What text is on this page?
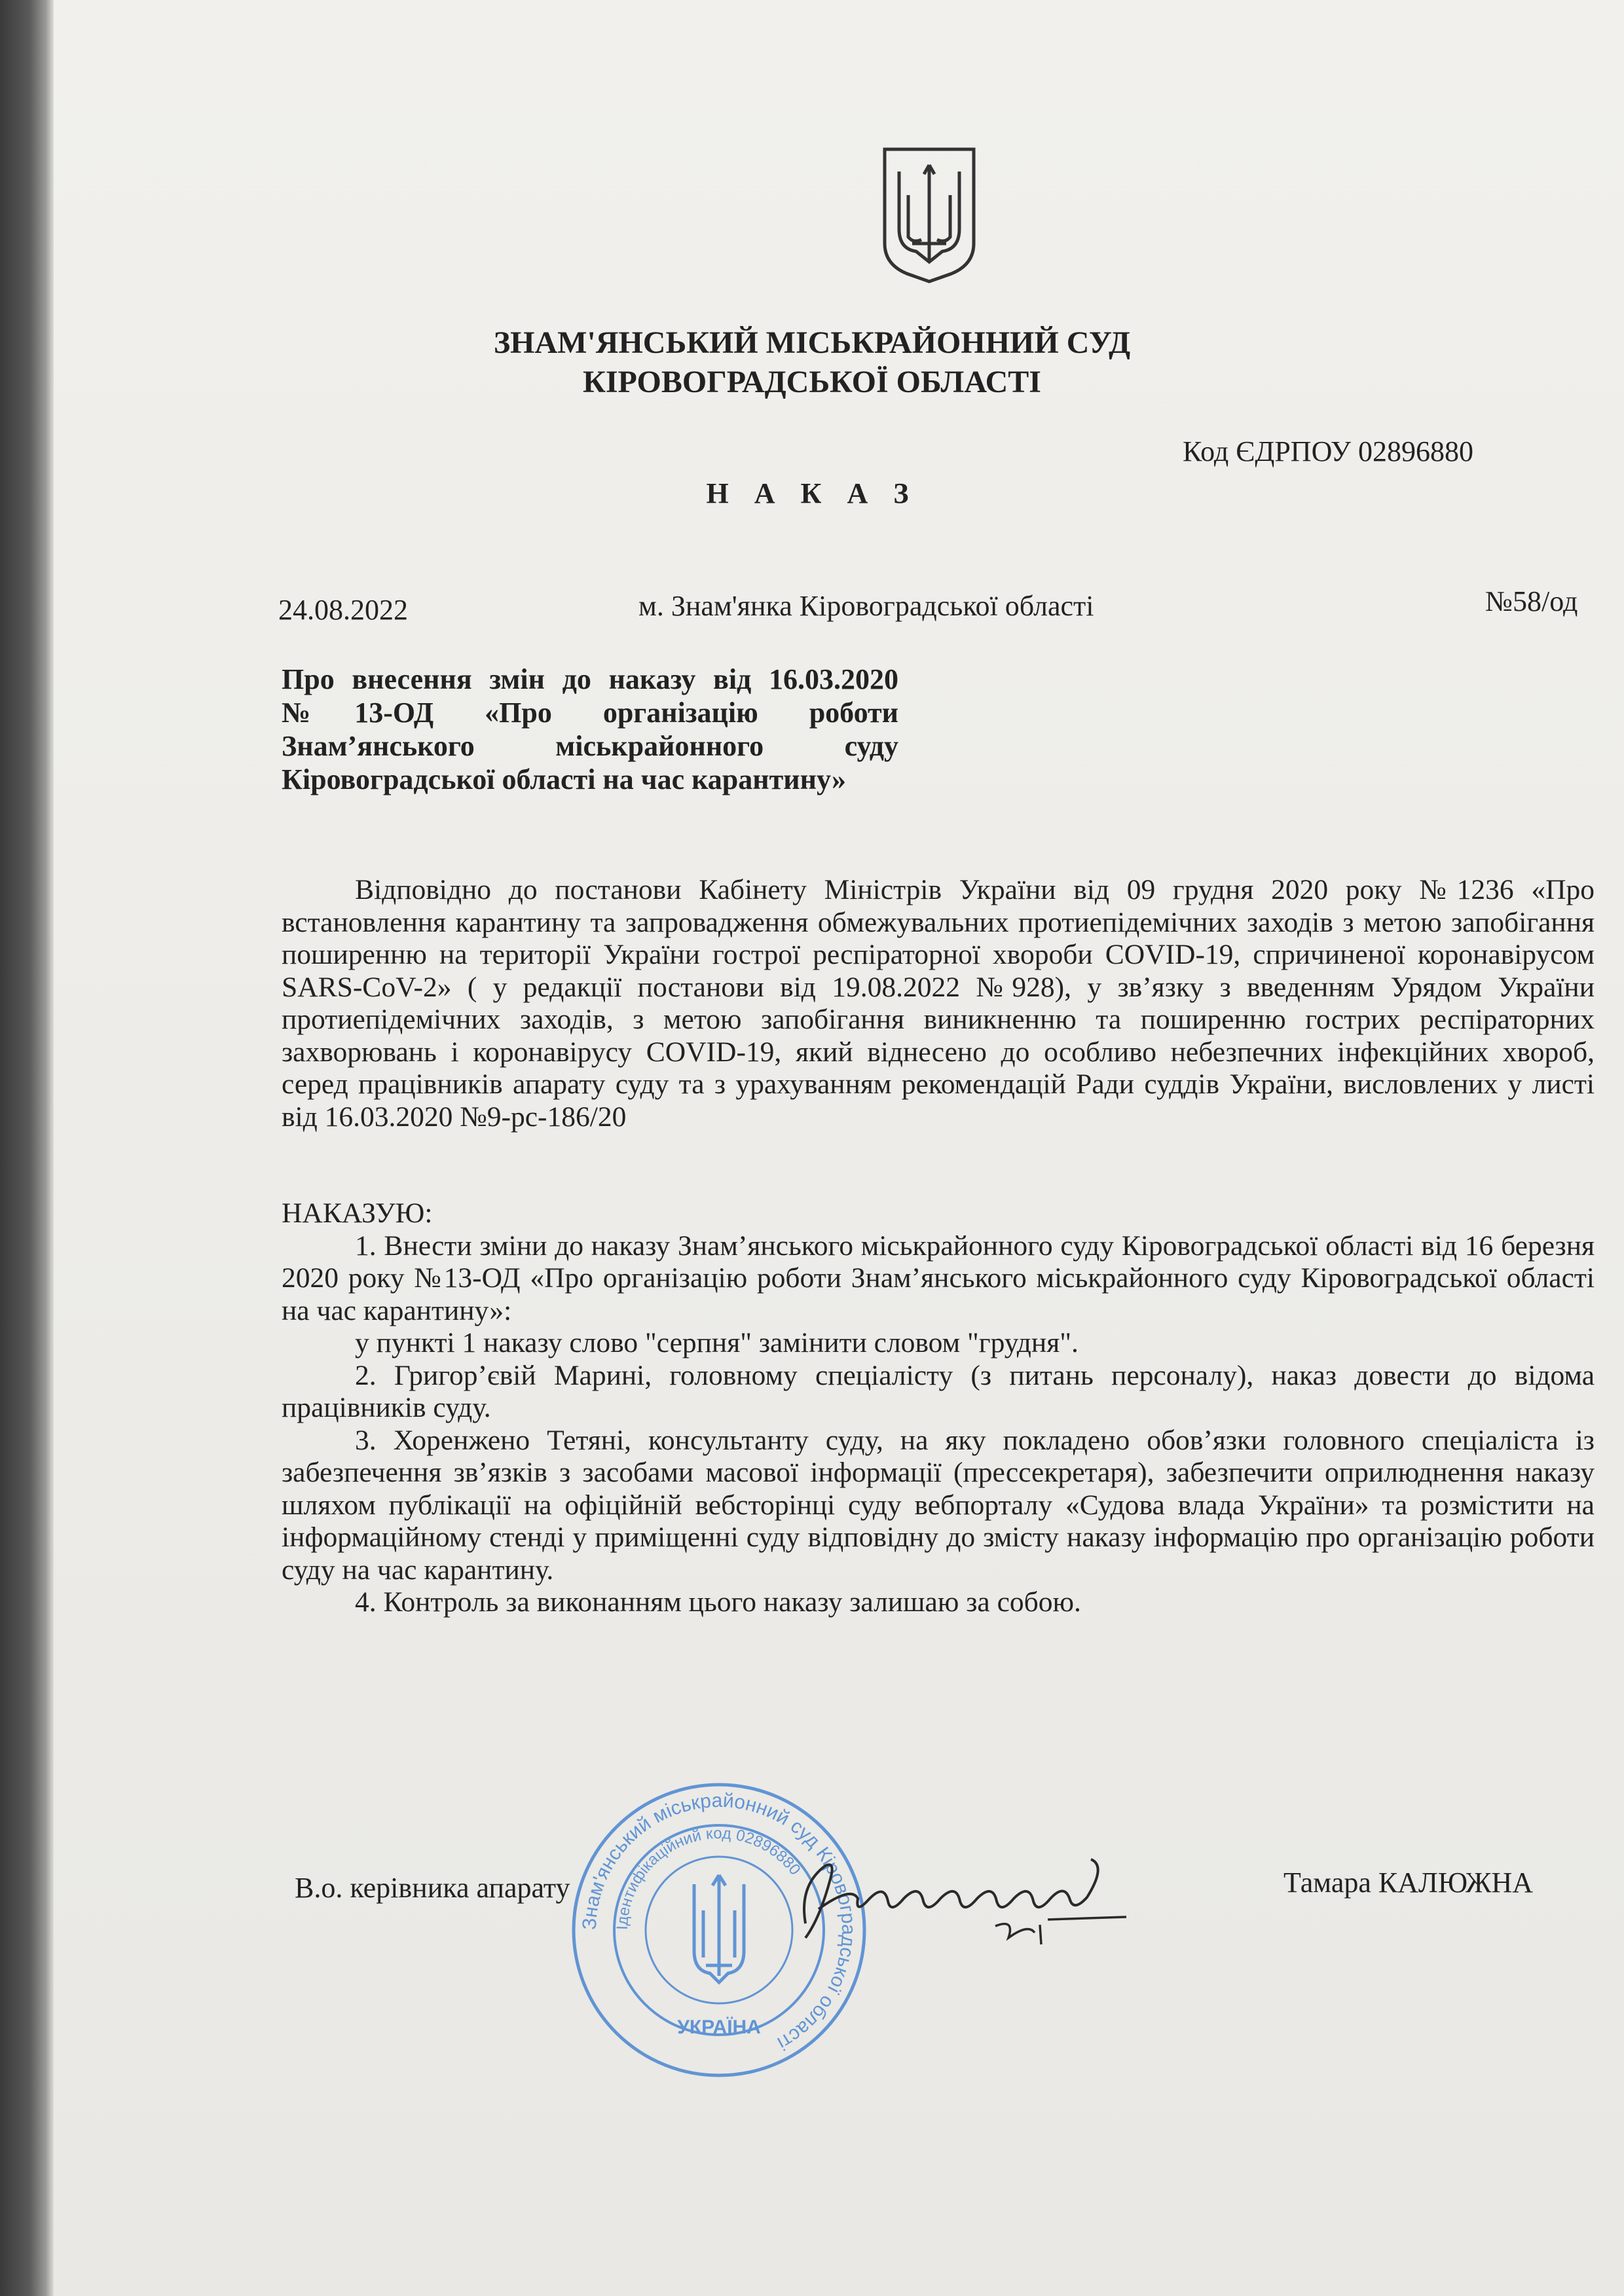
ЗНАМ'ЯНСЬКИЙ МІСЬКРАЙОННИЙ СУД
КІРОВОГРАДСЬКОЇ ОБЛАСТІ
Код ЄДРПОУ 02896880
Н А К А З
24.08.2022	м. Знам'янка Кіровоградської області	№58/од
Про внесення змін до наказу від 16.03.2020 №13-ОД «Про організацію роботи Знам’янського міськрайонного суду Кіровоградської області на час карантину»

Відповідно до постанови Кабінету Міністрів України від 09 грудня 2020 року №1236 «Про встановлення карантину та запровадження обмежувальних протиепідемічних заходів з метою запобігання поширенню на території України гострої респіраторної хвороби COVID-19, спричиненої коронавірусом SARS-CoV-2» ( у редакції постанови від 19.08.2022 №928), у зв’язку з введенням Урядом України протиепідемічних заходів, з метою запобігання виникненню та поширенню гострих респіраторних захворювань і коронавірусу COVID-19, який віднесено до особливо небезпечних інфекційних хвороб, серед працівників апарату суду та з урахуванням рекомендацій Ради суддів України, висловлених у листі від 16.03.2020 №9-рс-186/20

НАКАЗУЮ:

1. Внести зміни до наказу Знам’янського міськрайонного суду Кіровоградської області від 16 березня 2020 року №13-ОД «Про організацію роботи Знам’янського міськрайонного суду Кіровоградської області на час карантину»:

у пункті 1 наказу слово "серпня" замінити словом "грудня".

2. Григор’євій Марині, головному спеціалісту (з питань персоналу), наказ довести до відома працівників суду.

3. Хоренжено Тетяні, консультанту суду, на яку покладено обов’язки головного спеціаліста із забезпечення зв’язків з засобами масової інформації (прессекретаря), забезпечити оприлюднення наказу шляхом публікації на офіційній вебсторінці суду вебпорталу «Судова влада України» та розмістити на інформаційному стенді у приміщенні суду відповідну до змісту наказу інформацію про організацію роботи суду на час карантину.

4. Контроль за виконанням цього наказу залишаю за собою.

В.о. керівника апарату	Тамара КАЛЮЖНА
Знам'янський міськрайонний суд Кіровоградської області
Ідентифікаційний код 02896880
УКРАЇНА
